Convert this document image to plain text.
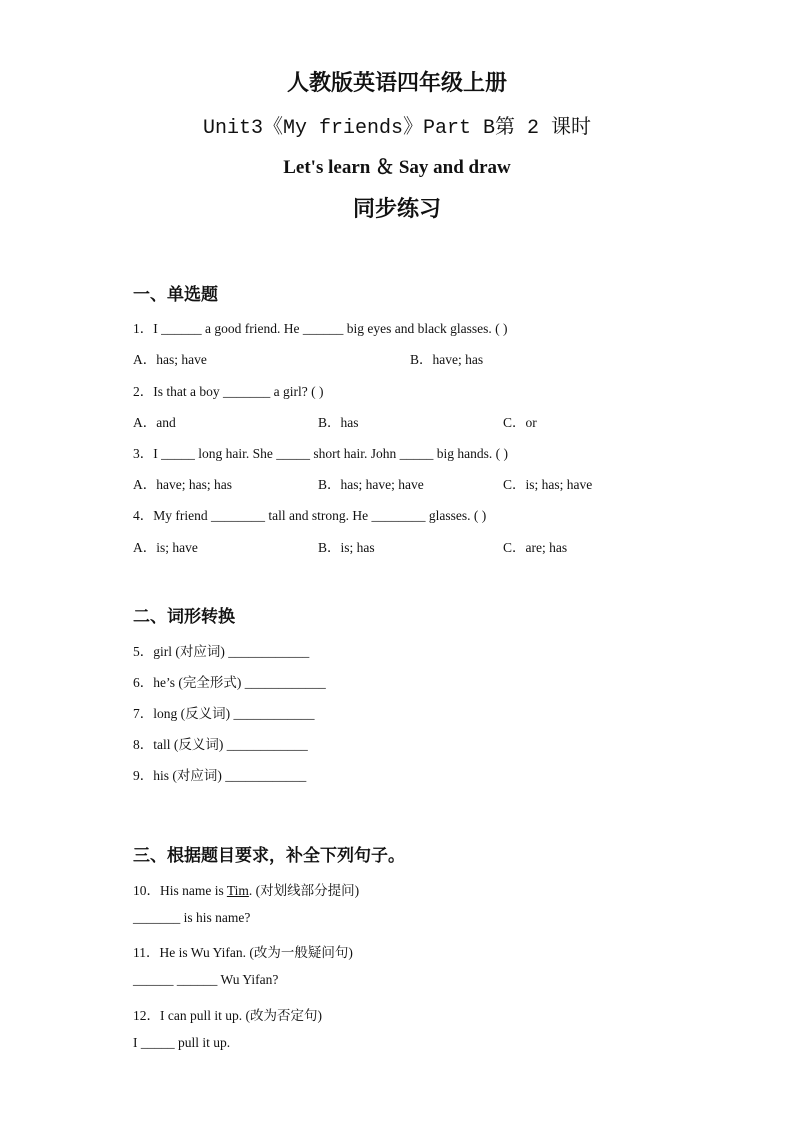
人教版英语四年级上册
Unit3《My friends》Part B第 2 课时
Let's learn ＆ Say and draw
同步练习
一、单选题
1．I ______ a good friend. He ______ big eyes and black glasses. ( )
A．has; have	B．have; has
2．Is that a boy _______ a girl? ( )
A．and	B．has	C．or
3．I _____ long hair. She _____ short hair. John _____ big hands. ( )
A．have; has; has	B．has; have; have	C．is; has; have
4．My friend ________ tall and strong. He ________ glasses. ( )
A．is; have	B．is; has	C．are; has
二、词形转换
5．girl (对应词) ____________
6．he’s (完全形式) ____________
7．long (反义词) ____________
8．tall (反义词) ____________
9．his (对应词) ____________
三、根据题目要求，补全下列句子。
10．His name is Tim. (对划线部分提问)
_______ is his name?
11．He is Wu Yifan. (改为一般疑问句)
______ ______ Wu Yifan?
12．I can pull it up. (改为否定句)
I _____ pull it up.
